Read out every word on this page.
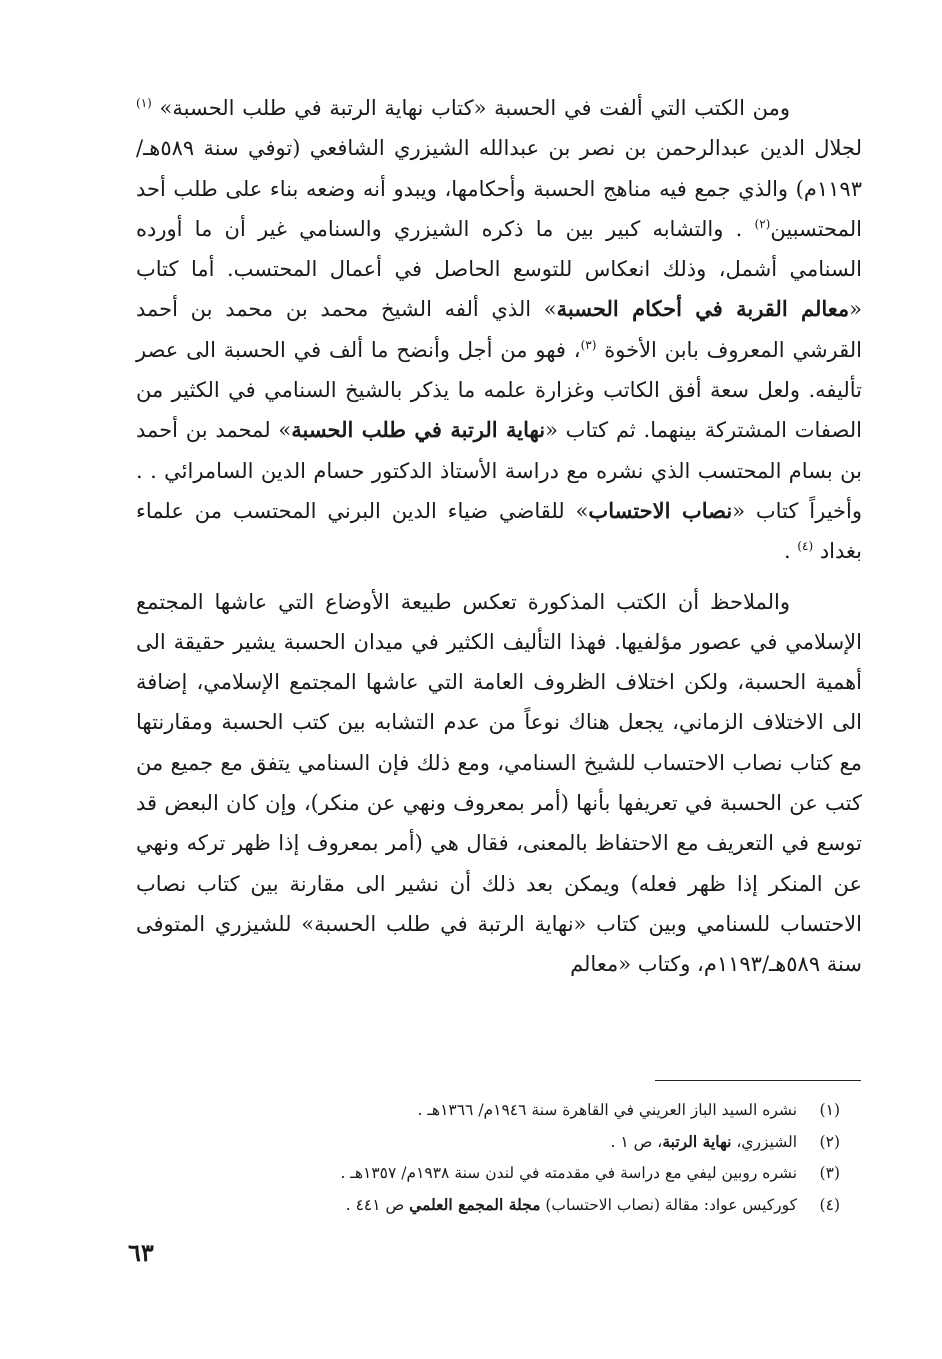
ومن الكتب التي ألفت في الحسبة «كتاب نهاية الرتبة في طلب الحسبة» $^{(١)}$ لجلال الدين عبدالرحمن بن نصر بن عبدالله الشيزري الشافعي (توفي سنة ٥٨٩هـ/١١٩٣م) والذي جمع فيه مناهج الحسبة وأحكامها، ويبدو أنه وضعه بناء على طلب أحد المحتسبين$^{(٢)}$ . والتشابه كبير بين ما ذكره الشيزري والسنامي غير أن ما أورده السنامي أشمل، وذلك انعكاس للتوسع الحاصل في أعمال المحتسب. أما كتاب «معالم القربة في أحكام الحسبة» الذي ألفه الشيخ محمد بن محمد بن أحمد القرشي المعروف بابن الأخوة $^{(٣)}$، فهو من أجل وأنضح ما ألف في الحسبة الى عصر تأليفه. ولعل سعة أفق الكاتب وغزارة علمه ما يذكر بالشيخ السنامي في الكثير من الصفات المشتركة بينهما. ثم كتاب «نهاية الرتبة في طلب الحسبة» لمحمد بن أحمد بن بسام المحتسب الذي نشره مع دراسة الأستاذ الدكتور حسام الدين السامرائي . . وأخيراً كتاب «نصاب الاحتساب» للقاضي ضياء الدين البرني المحتسب من علماء بغداد $^{(٤)}$ .

والملاحظ أن الكتب المذكورة تعكس طبيعة الأوضاع التي عاشها المجتمع الإسلامي في عصور مؤلفيها. فهذا التأليف الكثير في ميدان الحسبة يشير حقيقة الى أهمية الحسبة، ولكن اختلاف الظروف العامة التي عاشها المجتمع الإسلامي، إضافة الى الاختلاف الزماني، يجعل هناك نوعاً من عدم التشابه بين كتب الحسبة ومقارنتها مع كتاب نصاب الاحتساب للشيخ السنامي، ومع ذلك فإن السنامي يتفق مع جميع من كتب عن الحسبة في تعريفها بأنها (أمر بمعروف ونهي عن منكر)، وإن كان البعض قد توسع في التعريف مع الاحتفاظ بالمعنى، فقال هي (أمر بمعروف إذا ظهر تركه ونهي عن المنكر إذا ظهر فعله) ويمكن بعد ذلك أن نشير الى مقارنة بين كتاب نصاب الاحتساب للسنامي وبين كتاب «نهاية الرتبة في طلب الحسبة» للشيزري المتوفى سنة ٥٨٩هـ/١١٩٣م، وكتاب «معالم

(١) نشره السيد الباز العريني في القاهرة سنة ١٩٤٦م/ ١٣٦٦هـ .

(٢) الشيزري، نهاية الرتبة، ص ١ .

(٣) نشره روبين ليفي مع دراسة في مقدمته في لندن سنة ١٩٣٨م/ ١٣٥٧هـ .

(٤) كوركيس عواد: مقالة (نصاب الاحتساب) مجلة المجمع العلمي ص ٤٤١ .

٦٣
